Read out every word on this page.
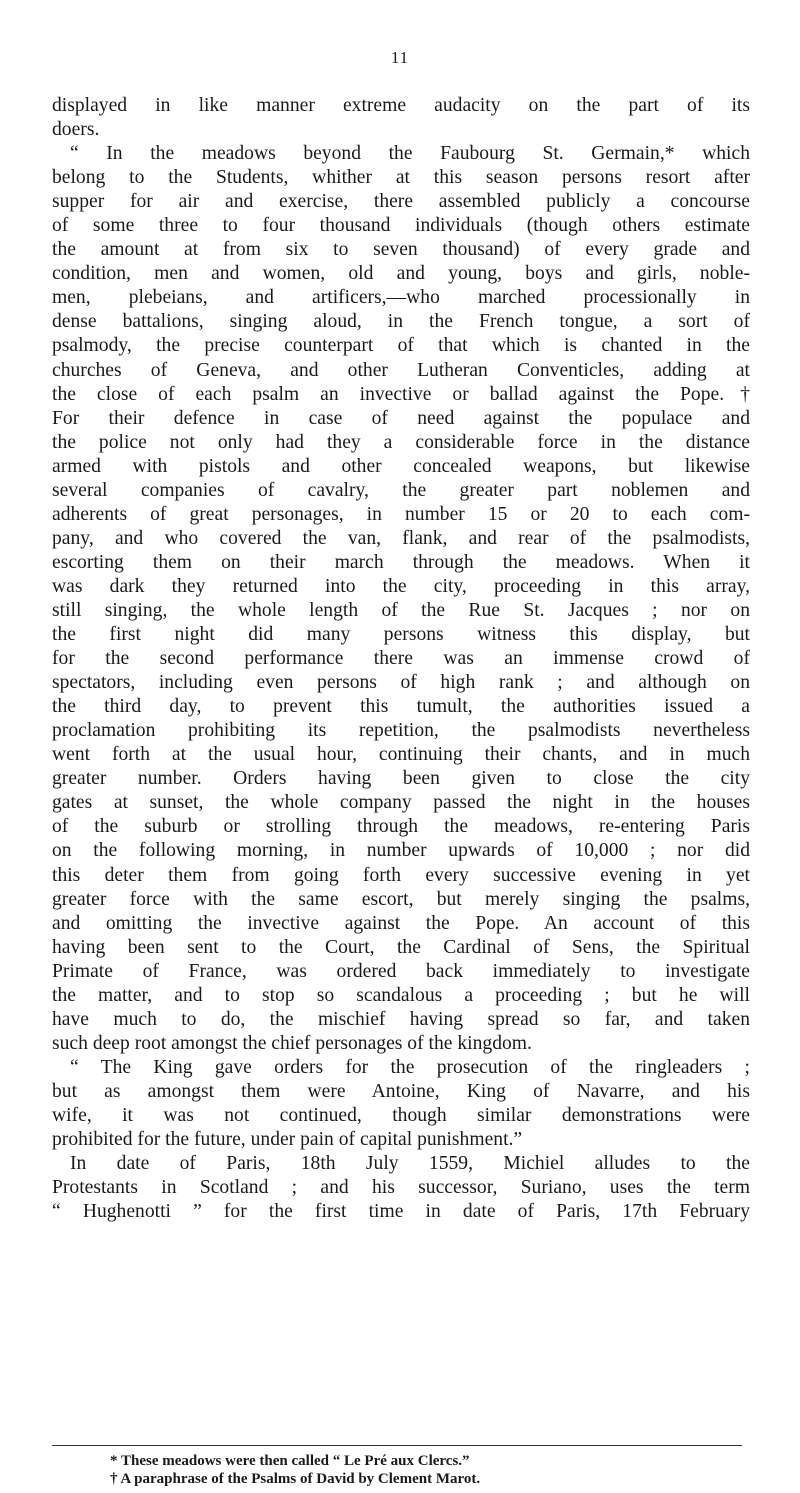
11
displayed in like manner extreme audacity on the part of its
doers.
“ In the meadows beyond the Faubourg St. Germain,* which
belong to the Students, whither at this season persons resort after
supper for air and exercise, there assembled publicly a concourse
of some three to four thousand individuals (though others estimate
the amount at from six to seven thousand) of every grade and
condition, men and women, old and young, boys and girls, noble-
men, plebeians, and artificers,—who marched processionally in
dense battalions, singing aloud, in the French tongue, a sort of
psalmody, the precise counterpart of that which is chanted in the
churches of Geneva, and other Lutheran Conventicles, adding at
the close of each psalm an invective or ballad against the Pope.†
For their defence in case of need against the populace and
the police not only had they a considerable force in the distance
armed with pistols and other concealed weapons, but likewise
several companies of cavalry, the greater part noblemen and
adherents of great personages, in number 15 or 20 to each com-
pany, and who covered the van, flank, and rear of the psalmodists,
escorting them on their march through the meadows. When it
was dark they returned into the city, proceeding in this array,
still singing, the whole length of the Rue St. Jacques ; nor on
the first night did many persons witness this display, but
for the second performance there was an immense crowd of
spectators, including even persons of high rank ; and although on
the third day, to prevent this tumult, the authorities issued a
proclamation prohibiting its repetition, the psalmodists nevertheless
went forth at the usual hour, continuing their chants, and in much
greater number. Orders having been given to close the city
gates at sunset, the whole company passed the night in the houses
of the suburb or strolling through the meadows, re-entering Paris
on the following morning, in number upwards of 10,000 ; nor did
this deter them from going forth every successive evening in yet
greater force with the same escort, but merely singing the psalms,
and omitting the invective against the Pope. An account of this
having been sent to the Court, the Cardinal of Sens, the Spiritual
Primate of France, was ordered back immediately to investigate
the matter, and to stop so scandalous a proceeding ; but he will
have much to do, the mischief having spread so far, and taken
such deep root amongst the chief personages of the kingdom.
“ The King gave orders for the prosecution of the ringleaders ;
but as amongst them were Antoine, King of Navarre, and his
wife, it was not continued, though similar demonstrations were
prohibited for the future, under pain of capital punishment.”
In date of Paris, 18th July 1559, Michiel alludes to the
Protestants in Scotland ; and his successor, Suriano, uses the term
“ Hughenotti ” for the first time in date of Paris, 17th February
* These meadows were then called “ Le Pré aux Clercs.”
† A paraphrase of the Psalms of David by Clement Marot.
